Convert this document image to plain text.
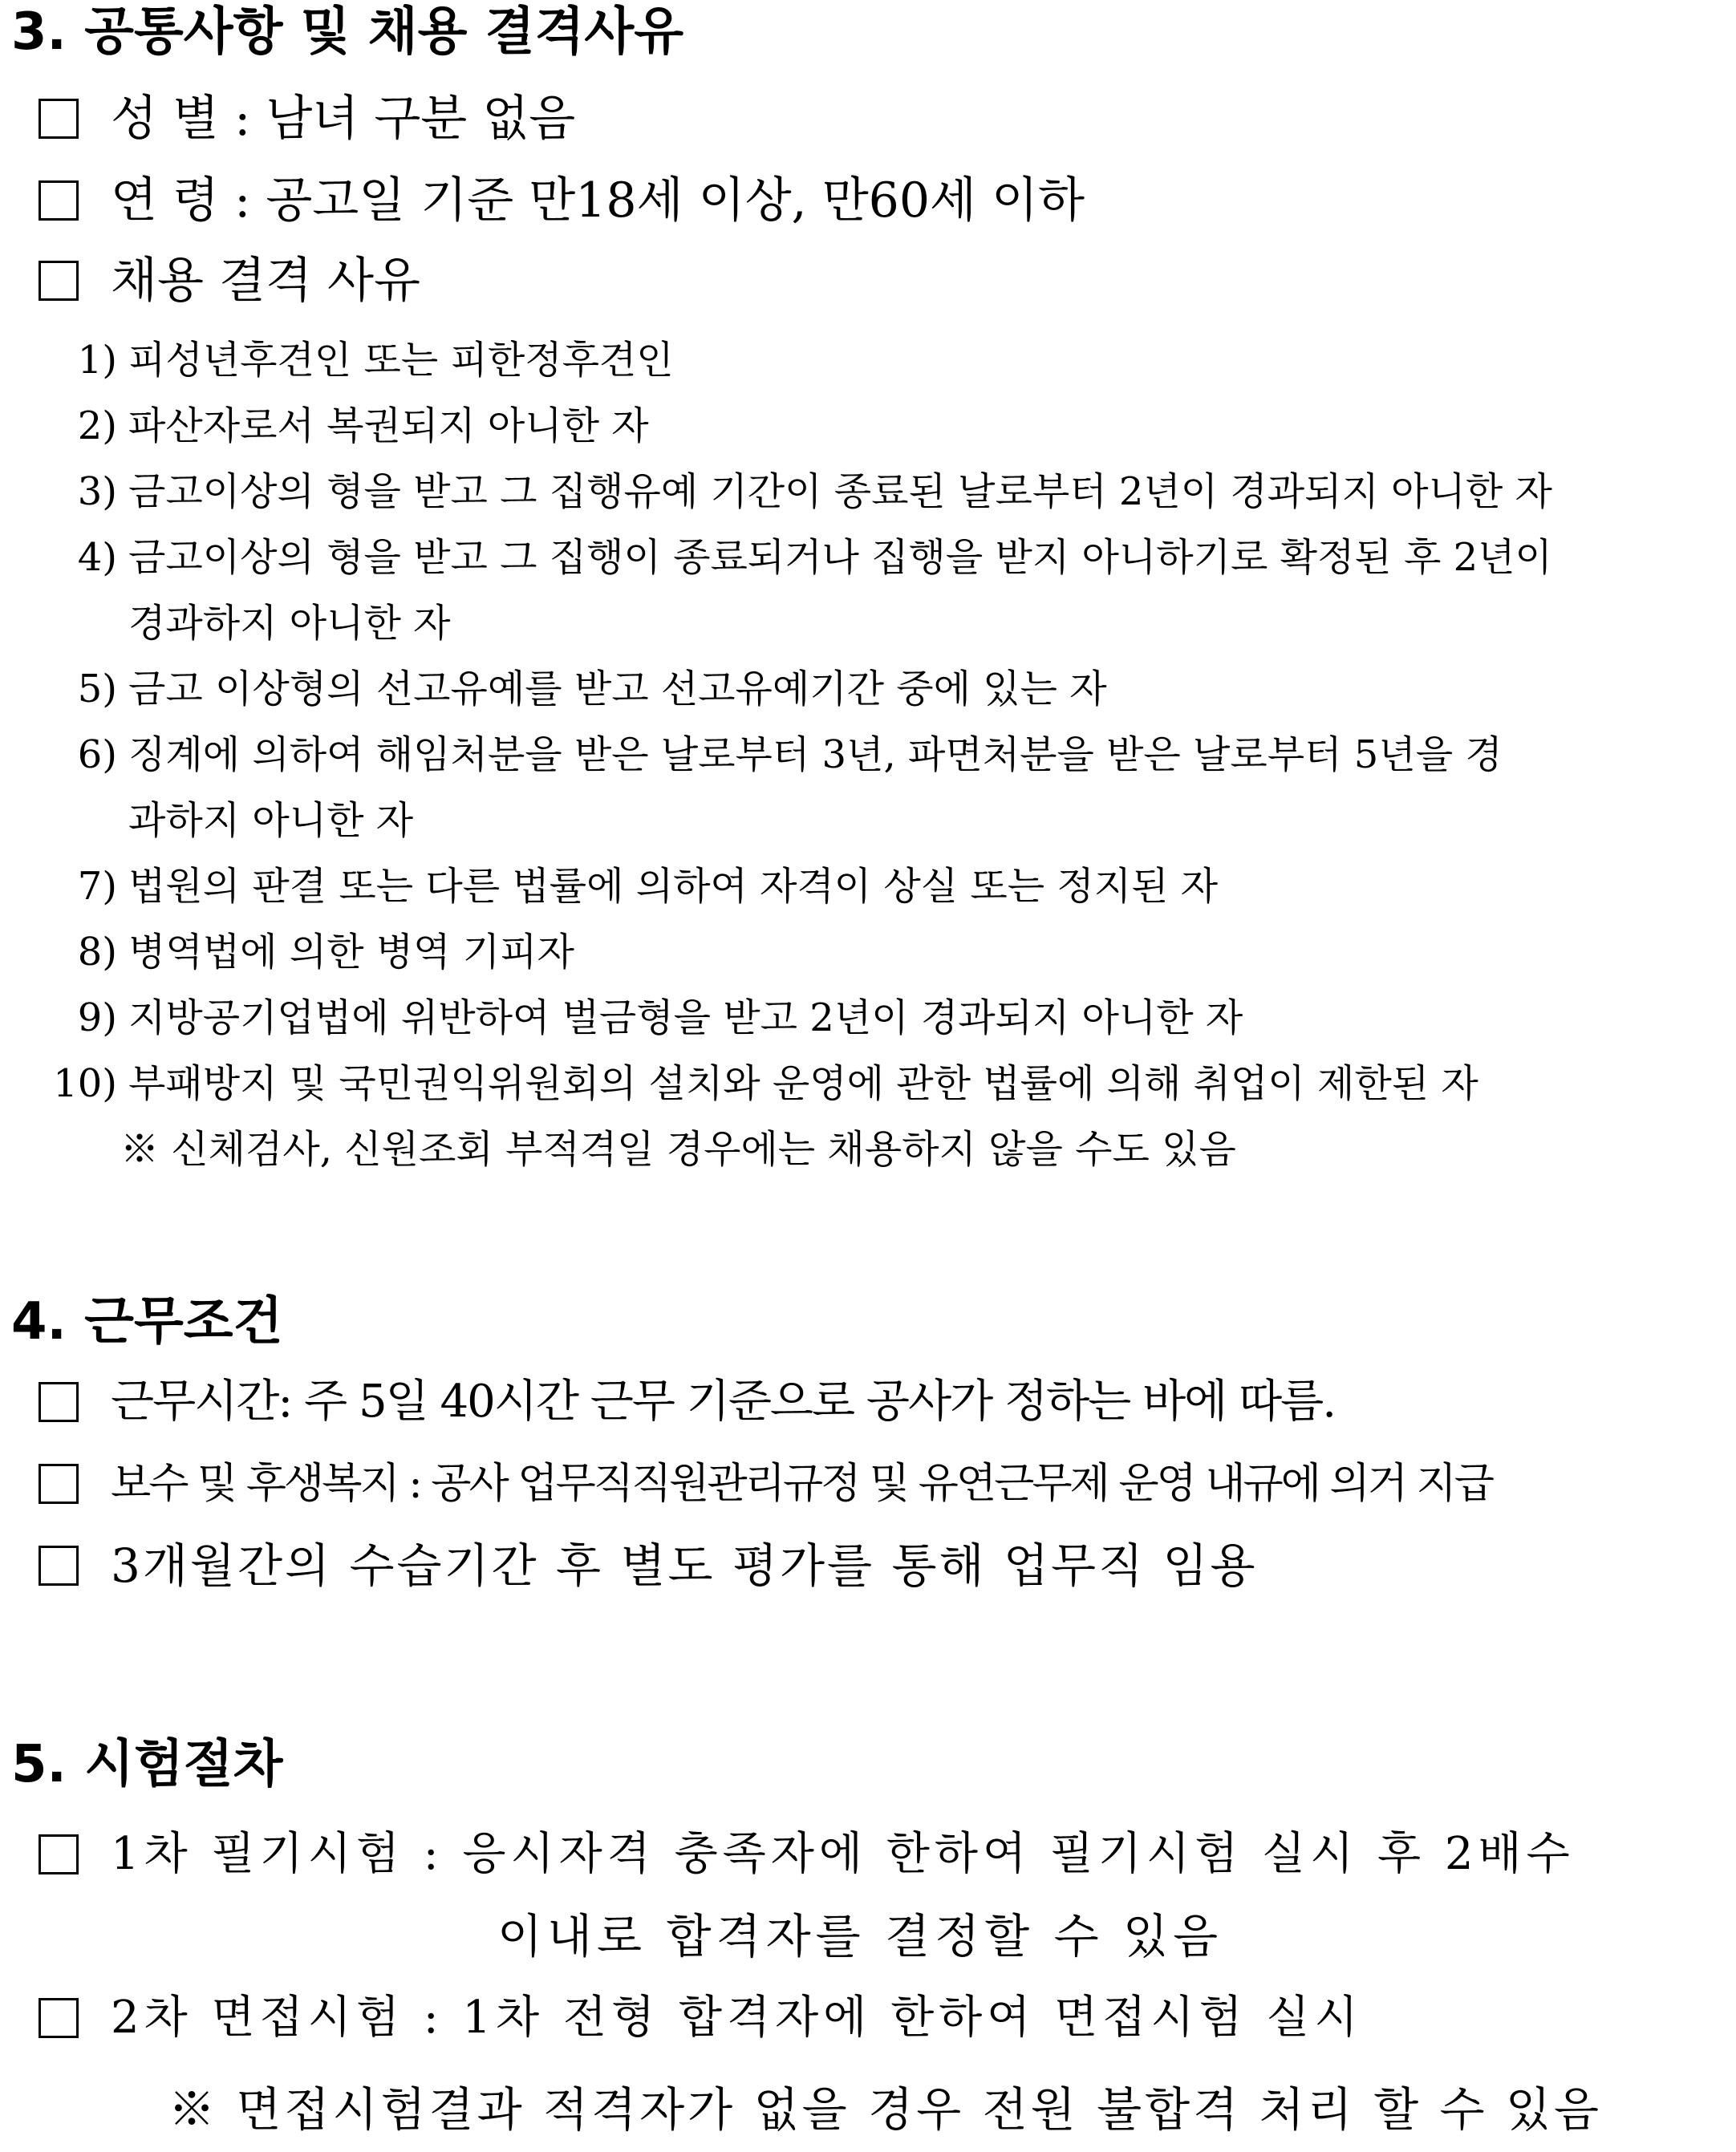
3. 공통사항 및 채용 결격사유
성 별 : 남녀 구분 없음
연 령 : 공고일 기준 만18세 이상, 만60세 이하
채용 결격 사유
1) 피성년후견인 또는 피한정후견인
2) 파산자로서 복권되지 아니한 자
3) 금고이상의 형을 받고 그 집행유예 기간이 종료된 날로부터 2년이 경과되지 아니한 자
4) 금고이상의 형을 받고 그 집행이 종료되거나 집행을 받지 아니하기로 확정된 후 2년이
경과하지 아니한 자
5) 금고 이상형의 선고유예를 받고 선고유예기간 중에 있는 자
6) 징계에 의하여 해임처분을 받은 날로부터 3년, 파면처분을 받은 날로부터 5년을 경
과하지 아니한 자
7) 법원의 판결 또는 다른 법률에 의하여 자격이 상실 또는 정지된 자
8) 병역법에 의한 병역 기피자
9) 지방공기업법에 위반하여 벌금형을 받고 2년이 경과되지 아니한 자
10) 부패방지 및 국민권익위원회의 설치와 운영에 관한 법률에 의해 취업이 제한된 자
※ 신체검사, 신원조회 부적격일 경우에는 채용하지 않을 수도 있음
4. 근무조건
근무시간: 주 5일 40시간 근무 기준으로 공사가 정하는 바에 따름.
보수 및 후생복지 : 공사 업무직직원관리규정 및 유연근무제 운영 내규에 의거 지급
3개월간의 수습기간 후 별도 평가를 통해 업무직 임용
5. 시험절차
1차 필기시험 : 응시자격 충족자에 한하여 필기시험 실시 후 2배수
이내로 합격자를 결정할 수 있음
2차 면접시험 : 1차 전형 합격자에 한하여 면접시험 실시
※ 면접시험결과 적격자가 없을 경우 전원 불합격 처리 할 수 있음
